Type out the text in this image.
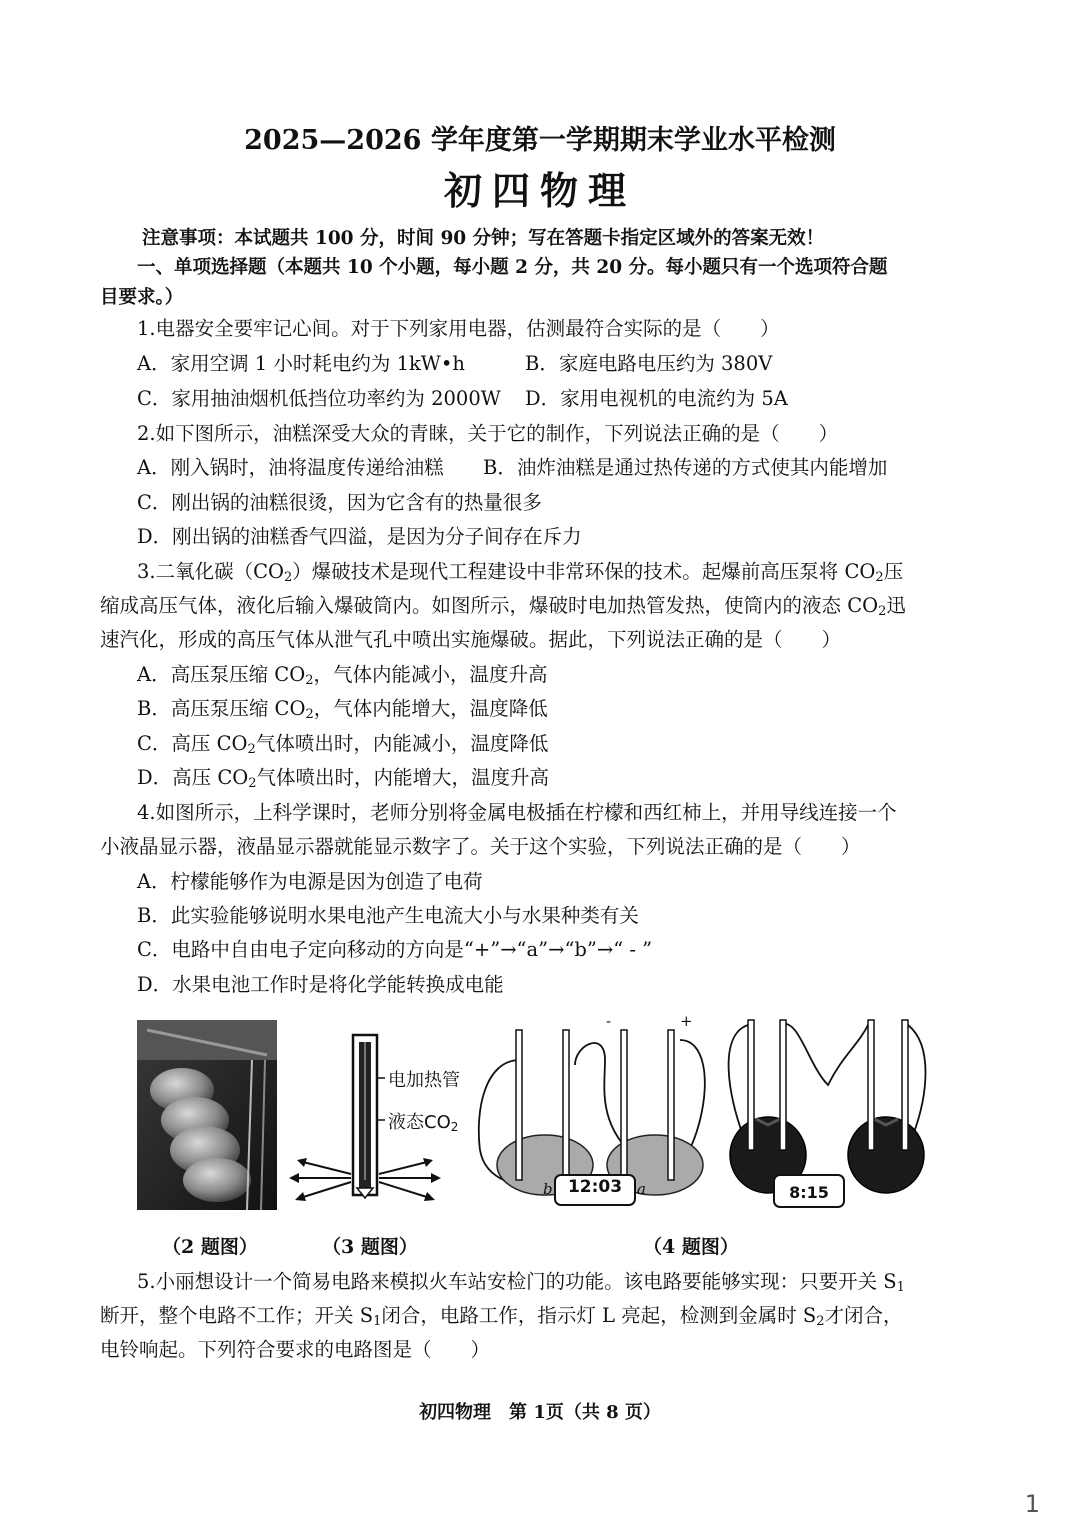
2025—2026 学年度第一学期期末学业水平检测
初四物理
注意事项：本试题共 100 分，时间 90 分钟；写在答题卡指定区域外的答案无效！
一、单项选择题（本题共 10 个小题，每小题 2 分，共 20 分。每小题只有一个选项符合题
目要求。）
1.电器安全要牢记心间。对于下列家用电器，估测最符合实际的是（　　）
A．家用空调 1 小时耗电约为 1kW•h	B．家庭电路电压约为 380V
C．家用抽油烟机低挡位功率约为 2000W	D．家用电视机的电流约为 5A
2.如下图所示，油糕深受大众的青睐，关于它的制作，下列说法正确的是（　　）
A．刚入锅时，油将温度传递给油糕	B．油炸油糕是通过热传递的方式使其内能增加
C．刚出锅的油糕很烫，因为它含有的热量很多
D．刚出锅的油糕香气四溢，是因为分子间存在斥力
3.二氧化碳$(CO_2)$爆破技术是现代工程建设中非常环保的技术。起爆前高压泵将 $CO_2$压
缩成高压气体，液化后输入爆破筒内。如图所示，爆破时电加热管发热，使筒内的液态 $CO_2$迅
速汽化，形成的高压气体从泄气孔中喷出实施爆破。据此，下列说法正确的是（　　）
A．高压泵压缩 $CO_2$，气体内能减小，温度升高
B．高压泵压缩 $CO_2$，气体内能增大，温度降低
C．高压 $CO_2$气体喷出时，内能减小，温度降低
D．高压 $CO_2$气体喷出时，内能增大，温度升高
4.如图所示，上科学课时，老师分别将金属电极插在柠檬和西红柿上，并用导线连接一个
小液晶显示器，液晶显示器就能显示数字了。关于这个实验，下列说法正确的是（　　）
A．柠檬能够作为电源是因为创造了电荷
B．此实验能够说明水果电池产生电流大小与水果种类有关
C．电路中自由电子定向移动的方向是“+”→“a”→“b”→“ - ”
D．水果电池工作时是将化学能转换成电能
电加热管
液态CO2
12:03
b	a
-	+
8:15
（2 题图）	（3 题图）	（4 题图）
5.小丽想设计一个简易电路来模拟火车站安检门的功能。该电路要能够实现：只要开关 $S_1$
断开，整个电路不工作；开关 $S_1$闭合，电路工作，指示灯 L 亮起，检测到金属时 $S_2$才闭合，
电铃响起。下列符合要求的电路图是（　　）
初四物理　第 1页（共 8 页）
1
